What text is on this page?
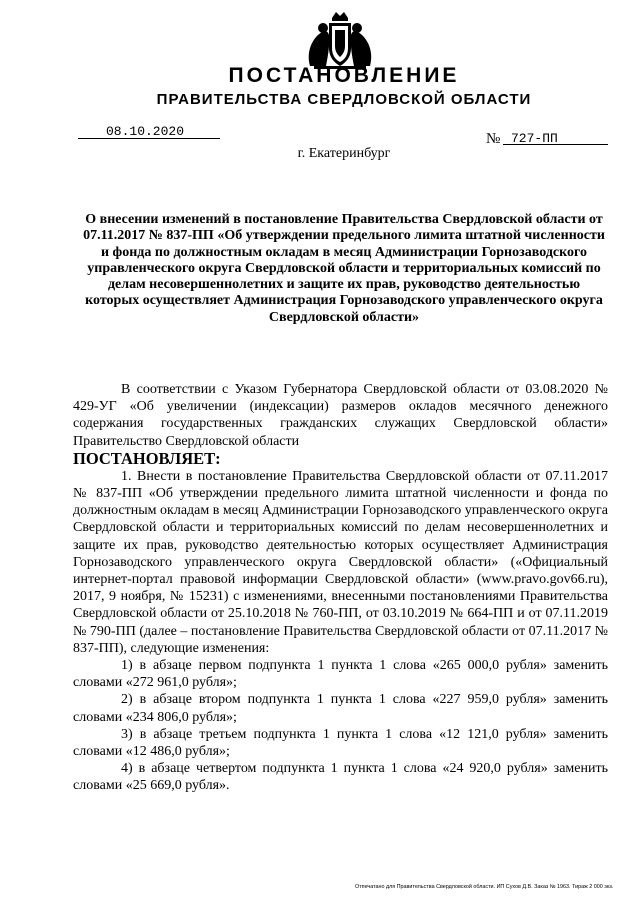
ПОСТАНОВЛЕНИЕ
ПРАВИТЕЛЬСТВА СВЕРДЛОВСКОЙ ОБЛАСТИ
08.10.2020	№ 727-ПП
г. Екатеринбург
О внесении изменений в постановление Правительства Свердловской области от 07.11.2017 № 837-ПП «Об утверждении предельного лимита штатной численности и фонда по должностным окладам в месяц Администрации Горнозаводского управленческого округа Свердловской области и территориальных комиссий по делам несовершеннолетних и защите их прав, руководство деятельностью которых осуществляет Администрация Горнозаводского управленческого округа Свердловской области»

В соответствии с Указом Губернатора Свердловской области от 03.08.2020 № 429-УГ «Об увеличении (индексации) размеров окладов месячного денежного содержания государственных гражданских служащих Свердловской области» Правительство Свердловской области

ПОСТАНОВЛЯЕТ:

1. Внести в постановление Правительства Свердловской области от 07.11.2017 № 837-ПП «Об утверждении предельного лимита штатной численности и фонда по должностным окладам в месяц Администрации Горнозаводского управленческого округа Свердловской области и территориальных комиссий по делам несовершеннолетних и защите их прав, руководство деятельностью которых осуществляет Администрация Горнозаводского управленческого округа Свердловской области» («Официальный интернет-портал правовой информации Свердловской области» (www.pravo.gov66.ru), 2017, 9 ноября, № 15231) с изменениями, внесенными постановлениями Правительства Свердловской области от 25.10.2018 № 760-ПП, от 03.10.2019 № 664-ПП и от 07.11.2019 № 790-ПП (далее – постановление Правительства Свердловской области от 07.11.2017 № 837-ПП), следующие изменения:

1) в абзаце первом подпункта 1 пункта 1 слова «265 000,0 рубля» заменить словами «272 961,0 рубля»;

2) в абзаце втором подпункта 1 пункта 1 слова «227 959,0 рубля» заменить словами «234 806,0 рубля»;

3) в абзаце третьем подпункта 1 пункта 1 слова «12 121,0 рубля» заменить словами «12 486,0 рубля»;

4) в абзаце четвертом подпункта 1 пункта 1 слова «24 920,0 рубля» заменить словами «25 669,0 рубля».

Отпечатано для Правительства Свердловской области. ИП Сухов Д.В. Заказ № 1963. Тираж 2 000 экз.
